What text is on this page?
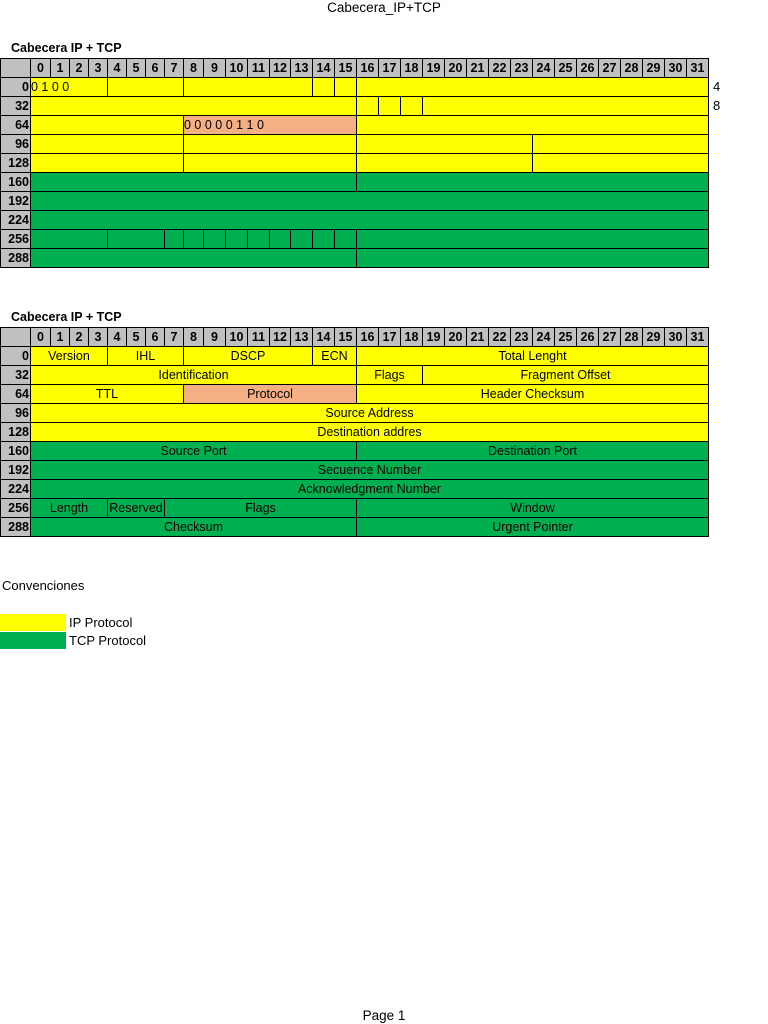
Cabecera_IP+TCP
Cabecera IP + TCP
	0	1	2	3	4	5	6	7	8	9	10	11	12	13	14	15	16	17	18	19	20	21	22	23	24	25	26	27	28	29	30	31
0	0 1 0 0																															
32																																
64									0 0 0 0 0 1 1 0																							
96																																
128																																
160																																
192																																
224																																
256																																
288																																
4
8
Cabecera IP + TCP
	0	1	2	3	4	5	6	7	8	9	10	11	12	13	14	15	16	17	18	19	20	21	22	23	24	25	26	27	28	29	30	31
0	Version				IHL				DSCP						ECN		Total Lenght															
32	Identification																Flags			Fragment Offset												
64	TTL								Protocol								Header Checksum															
96	Source Address																															
128	Destination addres																															
160	Source Port																Destination Port															
192	Secuence Number																															
224	Acknowledgment Number																															
256	Length				Reserved			Flags									Window															
288	Checksum																Urgent Pointer															
Convenciones
IP Protocol
TCP Protocol
Page 1
